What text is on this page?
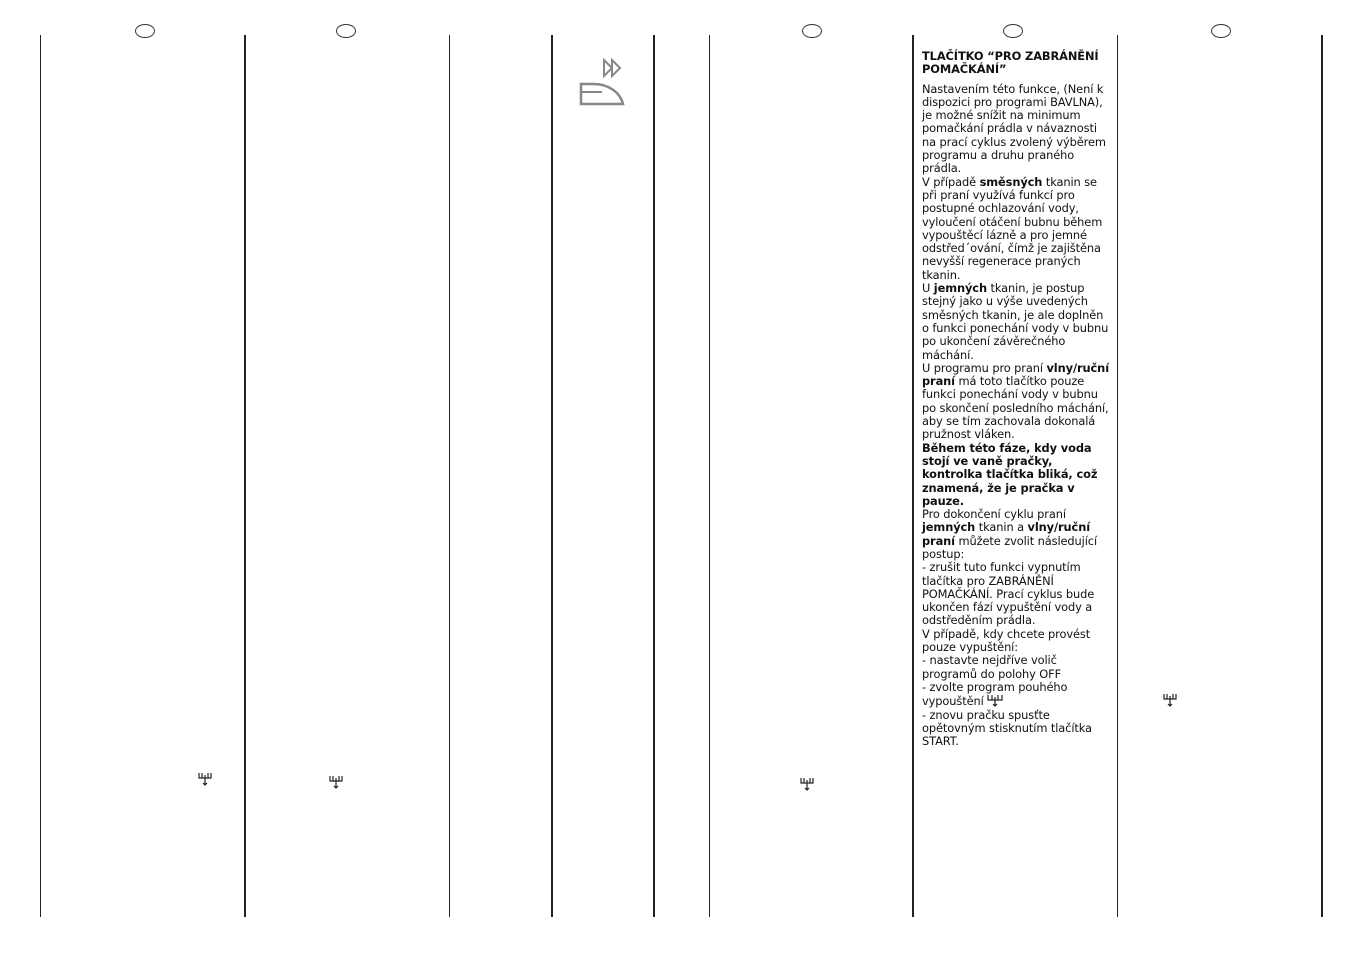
TLAČÍTKO “PRO ZABRÁNĚNÍ POMAČKÁNÍ”

Nastavením této funkce, (Není k dispozici pro programi BAVLNA), je možné snížit na minimum pomačkání prádla v návaznosti na prací cyklus zvolený výběrem programu a druhu praného prádla.

V případě směsných tkanin se při praní využívá funkcí pro postupné ochlazování vody, vyloučení otáčení bubnu během vypouštěcí lázně a pro jemné odstřed´ování, čímž je zajištěna nevyšší regenerace praných tkanin.

U jemných tkanin, je postup stejný jako u výše uvedených směsných tkanin, je ale doplněn o funkci ponechání vody v bubnu po ukončení závěrečného máchání.

U programu pro praní vlny/ruční praní má toto tlačítko pouze funkci ponechání vody v bubnu po skončení posledního máchání, aby se tím zachovala dokonalá pružnost vláken.

Během této fáze, kdy voda stojí ve vaně pračky, kontrolka tlačítka bliká, což znamená, že je pračka v pauze.

Pro dokončení cyklu praní jemných tkanin a vlny/ruční praní můžete zvolit následující postup:

- zrušit tuto funkci vypnutím tlačítka pro ZABRÁNĚNÍ POMAČKÁNÍ. Prací cyklus bude ukončen fází vypuštění vody a odstředěním prádla.

V případě, kdy chcete provést pouze vypuštění:

- nastavte nejdříve volič programů do polohy OFF

- zvolte program pouhého vypouštění

- znovu pračku spusťte opětovným stisknutím tlačítka START.
